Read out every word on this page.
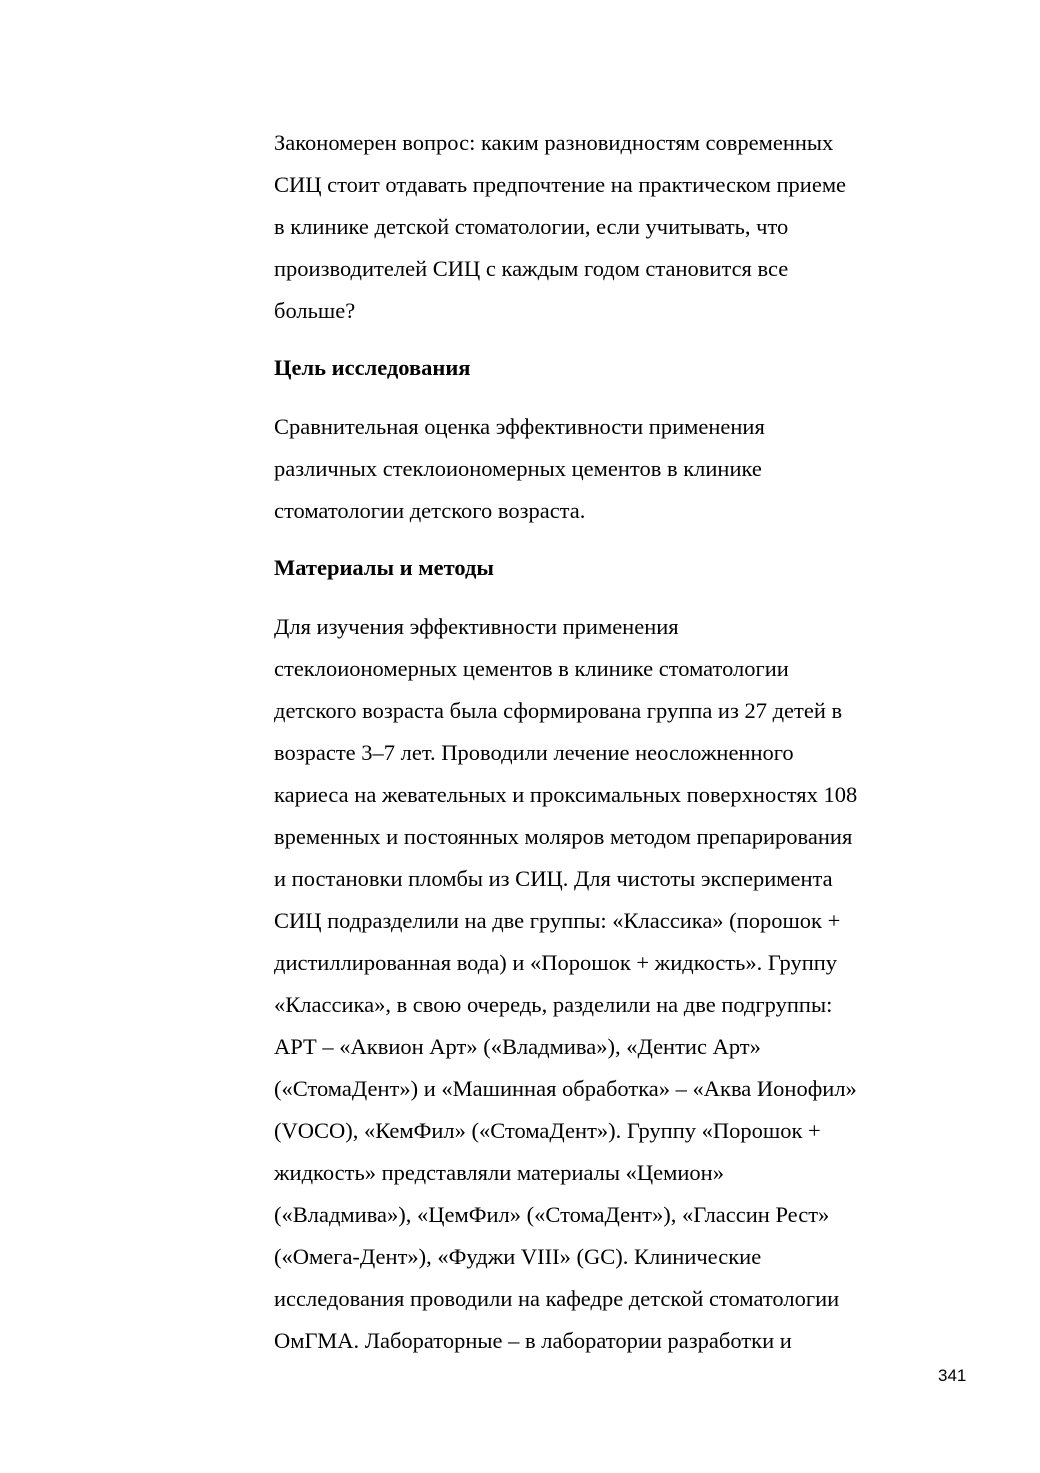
Закономерен вопрос: каким разновидностям современных
СИЦ стоит отдавать предпочтение на практическом приеме
в клинике детской стоматологии, если учитывать, что
производителей СИЦ с каждым годом становится все
больше?
Цель исследования
Сравнительная оценка эффективности применения
различных стеклоиономерных цементов в клинике
стоматологии детского возраста.
Материалы и методы
Для изучения эффективности применения
стеклоиономерных цементов в клинике стоматологии
детского возраста была сформирована группа из 27 детей в
возрасте 3–7 лет. Проводили лечение неосложненного
кариеса на жевательных и проксимальных поверхностях 108
временных и постоянных моляров методом препарирования
и постановки пломбы из СИЦ. Для чистоты эксперимента
СИЦ подразделили на две группы: «Классика» (порошок +
дистиллированная вода) и «Порошок + жидкость». Группу
«Классика», в свою очередь, разделили на две подгруппы:
АРТ – «Аквион Арт» («Владмива»), «Дентис Арт»
(«СтомаДент») и «Машинная обработка» – «Аква Ионофил»
(VOCO), «КемФил» («СтомаДент»). Группу «Порошок +
жидкость» представляли материалы «Цемион»
(«Владмива»), «ЦемФил» («СтомаДент»), «Глассин Рест»
(«Омега-Дент»), «Фуджи VIII» (GC). Клинические
исследования проводили на кафедре детской стоматологии
ОмГМА. Лабораторные – в лаборатории разработки и
341
